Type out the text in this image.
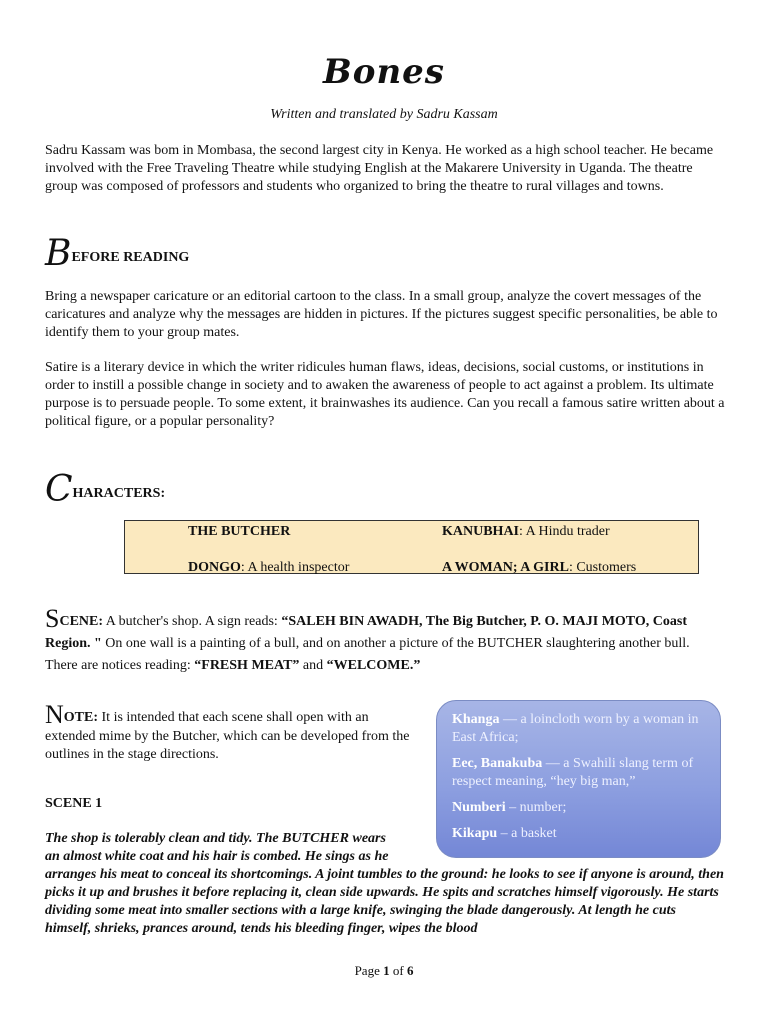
Bones
Written and translated by Sadru Kassam

Sadru Kassam was bom in Mombasa, the second largest city in Kenya. He worked as a high school teacher. He became involved with the Free Traveling Theatre while studying English at the Makarere University in Uganda. The theatre group was composed of professors and students who organized to bring the theatre to rural villages and towns.

BEFORE READING

Bring a newspaper caricature or an editorial cartoon to the class. In a small group, analyze the covert messages of the caricatures and analyze why the messages are hidden in pictures. If the pictures suggest specific personalities, be able to identify them to your group mates.

Satire is a literary device in which the writer ridicules human flaws, ideas, decisions, social customs, or institutions in order to instill a possible change in society and to awaken the awareness of people to act against a problem. Its ultimate purpose is to persuade people. To some extent, it brainwashes its audience. Can you recall a famous satire written about a political figure, or a popular personality?

CHARACTERS:
THE BUTCHER	KANUBHAI: A Hindu trader
DONGO: A health inspector	A WOMAN; A GIRL: Customers

SCENE: A butcher's shop. A sign reads: “SALEH BIN AWADH, The Big Butcher, P. O. MAJI MOTO, Coast Region. " On one wall is a painting of a bull, and on another a picture of the BUTCHER slaughtering another bull. There are notices reading: “FRESH MEAT” and “WELCOME.”

NOTE: It is intended that each scene shall open with an extended mime by the Butcher, which can be developed from the outlines in the stage directions.

Khanga — a loincloth worn by a woman in East Africa;

Eec, Banakuba — a Swahili slang term of respect meaning, “hey big man,”

Numberi – number;

Kikapu – a basket

SCENE 1
The shop is tolerably clean and tidy. The BUTCHER wears
an almost white coat and his hair is combed. He sings as he

arranges his meat to conceal its shortcomings. A joint tumbles to the ground: he looks to see if anyone is around, then picks it up and brushes it before replacing it, clean side upwards. He spits and scratches himself vigorously. He starts dividing some meat into smaller sections with a large knife, swinging the blade dangerously. At length he cuts himself, shrieks, prances around, tends his bleeding finger, wipes the blood

Page 1 of 6
